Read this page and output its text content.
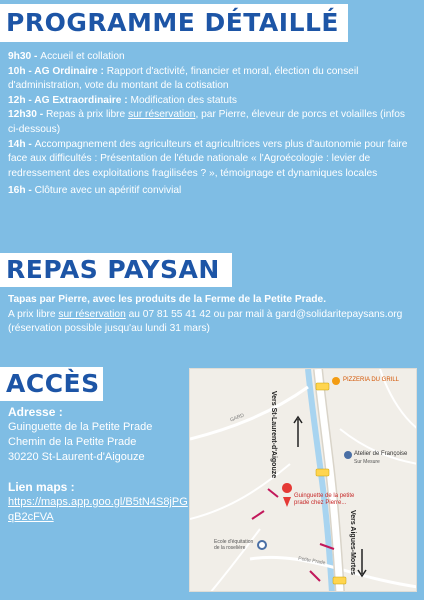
PROGRAMME DÉTAILLÉ

9h30 - Accueil et collation

10h - AG Ordinaire : Rapport d'activité, financier et moral, élection du conseil d'administration, vote du montant de la cotisation

12h - AG Extraordinaire : Modification des statuts

12h30 - Repas à prix libre sur réservation, par Pierre, éleveur de porcs et volailles (infos ci-dessous)

14h - Accompagnement des agriculteurs et agricultrices vers plus d'autonomie pour faire face aux difficultés : Présentation de l'étude nationale « l'Agroécologie : levier de redressement des exploitations fragilisées ? », témoignage et dynamiques locales

16h - Clôture avec un apéritif convivial

REPAS PAYSAN

Tapas par Pierre, avec les produits de la Ferme de la Petite Prade.

A prix libre sur réservation au 07 81 55 41 42 ou par mail à gard@solidaritepaysans.org (réservation possible jusqu'au lundi 31 mars)

ACCÈS
Adresse :
Guinguette de la Petite Prade
Chemin de la Petite Prade
30220 St-Laurent-d'Aigouze
Lien maps :
https://maps.app.goo.gl/B5tN4S8jPGqB2cFVA
PIZZERIA DU GRILL
Atelier de Françoise
Sur Mesure
Guinguette de la petite prade chez Pierre...
Ecole d'équitation de la roselière
Petite Prade
GARD	Vers St-Laurent-d'Aigouze
Vers Aigues-Mortes
